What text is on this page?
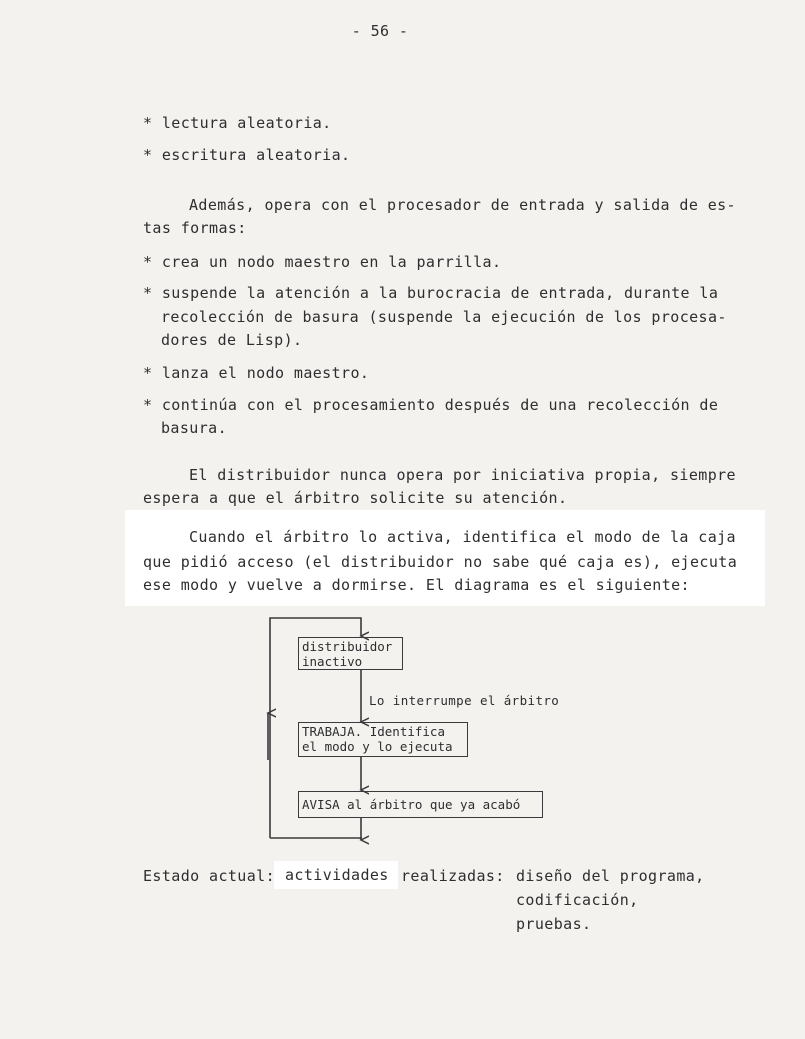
- 56 -
* lectura aleatoria.
* escritura aleatoria.
Además, opera con el procesador de entrada y salida de es-
tas formas:
* crea un nodo maestro en la parrilla.
* suspende la atención a la burocracia de entrada, durante la
recolección de basura (suspende la ejecución de los procesa-
dores de Lisp).
* lanza el nodo maestro.
* continúa con el procesamiento después de una recolección de
basura.
El distribuidor nunca opera por iniciativa propia, siempre
espera a que el árbitro solicite su atención.
Cuando el árbitro lo activa, identifica el modo de la caja
que pidió acceso (el distribuidor no sabe qué caja es), ejecuta
ese modo y vuelve a dormirse. El diagrama es el siguiente:
distribuidor
inactivo
Lo interrumpe el árbitro
TRABAJA. Identifica
el modo y lo ejecuta
AVISA al árbitro que ya acabó
Estado actual: actividades realizadas: diseño del programa,
codificación,
pruebas.
